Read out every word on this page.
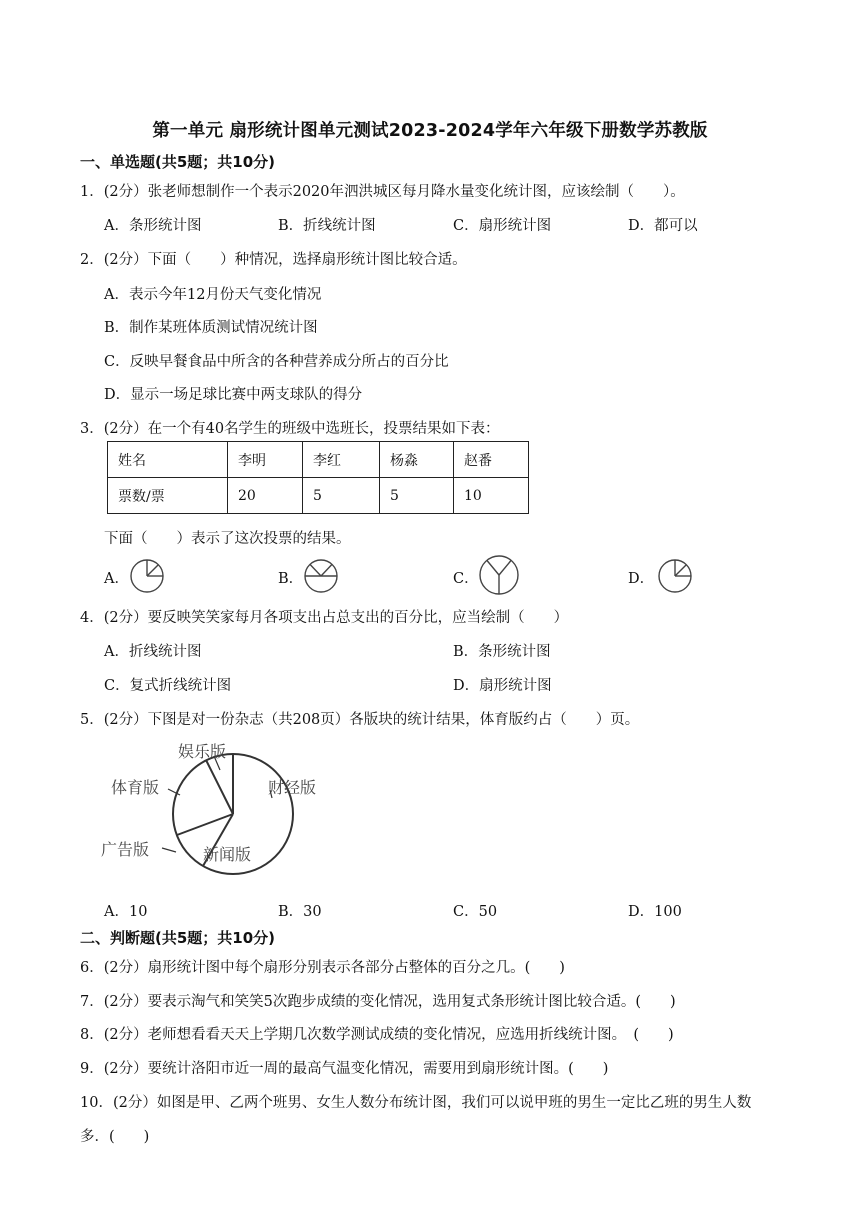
第一单元 扇形统计图单元测试2023-2024学年六年级下册数学苏教版
一、单选题(共5题；共10分)
1．(2分）张老师想制作一个表示2020年泗洪城区每月降水量变化统计图，应该绘制（　　）。
A．条形统计图	B．折线统计图	C．扇形统计图	D．都可以
2．(2分）下面（　　）种情况，选择扇形统计图比较合适。
A．表示今年12月份天气变化情况
B．制作某班体质测试情况统计图
C．反映早餐食品中所含的各种营养成分所占的百分比
D．显示一场足球比赛中两支球队的得分
3．(2分）在一个有40名学生的班级中选班长，投票结果如下表：
姓名	李明	李红	杨淼	赵番
票数/票	20	5	5	10
下面（　　）表示了这次投票的结果。
A．	B．	C．	D．
4．(2分）要反映笑笑家每月各项支出占总支出的百分比，应当绘制（　　）
A．折线统计图	B．条形统计图
C．复式折线统计图	D．扇形统计图
5．(2分）下图是对一份杂志（共208页）各版块的统计结果，体育版约占（　　）页。
娱乐版
体育版	财经版
广告版	新闻版
A．10	B．30	C．50	D．100
二、判断题(共5题；共10分)
6．(2分）扇形统计图中每个扇形分别表示各部分占整体的百分之几。(　　)
7．(2分）要表示淘气和笑笑5次跑步成绩的变化情况，选用复式条形统计图比较合适。(　　)
8．(2分）老师想看看天天上学期几次数学测试成绩的变化情况，应选用折线统计图。　(　　)
9．(2分）要统计洛阳市近一周的最高气温变化情况，需要用到扇形统计图。(　　)
10．(2分）如图是甲、乙两个班男、女生人数分布统计图，我们可以说甲班的男生一定比乙班的男生人数
多．(　　)
